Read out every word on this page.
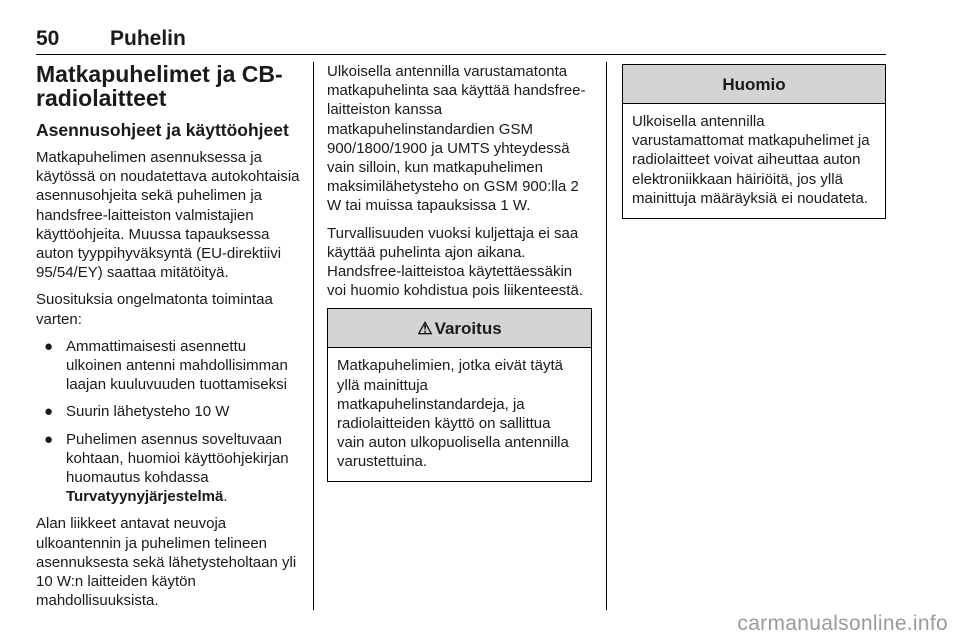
50 Puhelin
Matkapuhelimet ja CB-radiolaitteet
Asennusohjeet ja käyttöohjeet

Matkapuhelimen asennuksessa ja käytössä on noudatettava autokohtaisia asennusohjeita sekä puhelimen ja handsfree-laitteiston valmistajien käyttöohjeita. Muussa tapauksessa auton tyyppihyväksyntä (EU-direktiivi 95/54/EY) saattaa mitätöityä.

Suosituksia ongelmatonta toimintaa varten:

● Ammattimaisesti asennettu ulkoinen antenni mahdollisimman laajan kuuluvuuden tuottamiseksi
● Suurin lähetysteho 10 W
● Puhelimen asennus soveltuvaan kohtaan, huomioi käyttöohjekirjan huomautus kohdassa
Turvatyynyjärjestelmä.

Alan liikkeet antavat neuvoja ulkoantennin ja puhelimen telineen asennuksesta sekä lähetysteholtaan yli 10 W:n laitteiden käytön mahdollisuuksista.

Ulkoisella antennilla varustamatonta matkapuhelinta saa käyttää handsfree-laitteiston kanssa matkapuhelinstandardien GSM 900/1800/1900 ja UMTS yhteydessä vain silloin, kun matkapuhelimen maksimilähetysteho on GSM 900:lla 2 W tai muissa tapauksissa 1 W.

Turvallisuuden vuoksi kuljettaja ei saa käyttää puhelinta ajon aikana. Handsfree-laitteistoa käytettäessäkin voi huomio kohdistua pois liikenteestä.

⚠ Varoitus
Matkapuhelimien, jotka eivät täytä yllä mainittuja matkapuhelinstandardeja, ja radiolaitteiden käyttö on sallittua vain auton ulkopuolisella antennilla varustettuina.
Huomio
Ulkoisella antennilla varustamattomat matkapuhelimet ja radiolaitteet voivat aiheuttaa auton elektroniikkaan häiriöitä, jos yllä mainittuja määräyksiä ei noudateta.
carmanualsonline.info
